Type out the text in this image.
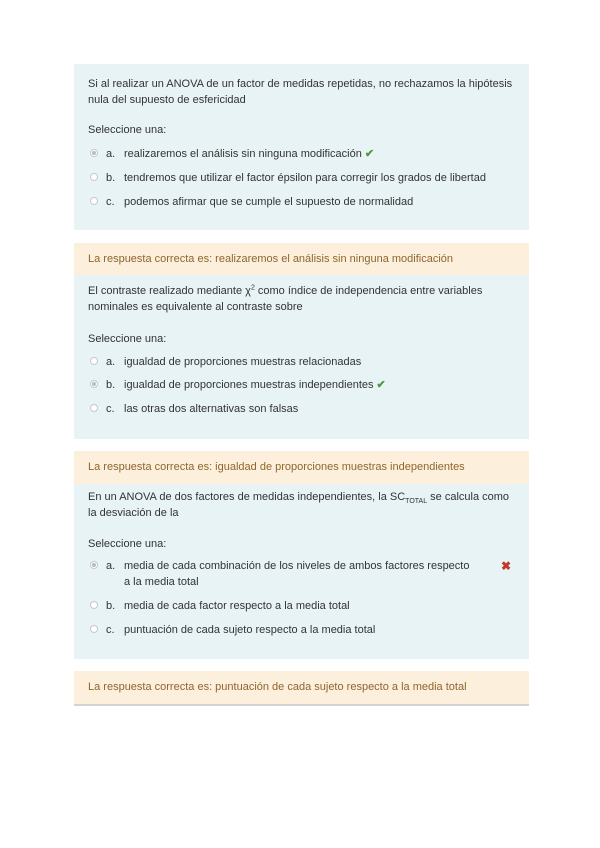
Si al realizar un ANOVA de un factor de medidas repetidas, no rechazamos la hipótesis nula del supuesto de esfericidad
Seleccione una:
a. realizaremos el análisis sin ninguna modificación ✔
b. tendremos que utilizar el factor épsilon para corregir los grados de libertad
c. podemos afirmar que se cumple el supuesto de normalidad
La respuesta correcta es: realizaremos el análisis sin ninguna modificación
El contraste realizado mediante $\chi^2$ como índice de independencia entre variables nominales es equivalente al contraste sobre
Seleccione una:
a. igualdad de proporciones muestras relacionadas
b. igualdad de proporciones muestras independientes ✔
c. las otras dos alternativas son falsas
La respuesta correcta es: igualdad de proporciones muestras independientes
En un ANOVA de dos factores de medidas independientes, la $SC_{TOTAL}$ se calcula como la desviación de la
Seleccione una:
a. media de cada combinación de los niveles de ambos factores respecto a la media total
✖
b. media de cada factor respecto a la media total
c. puntuación de cada sujeto respecto a la media total
La respuesta correcta es: puntuación de cada sujeto respecto a la media total
